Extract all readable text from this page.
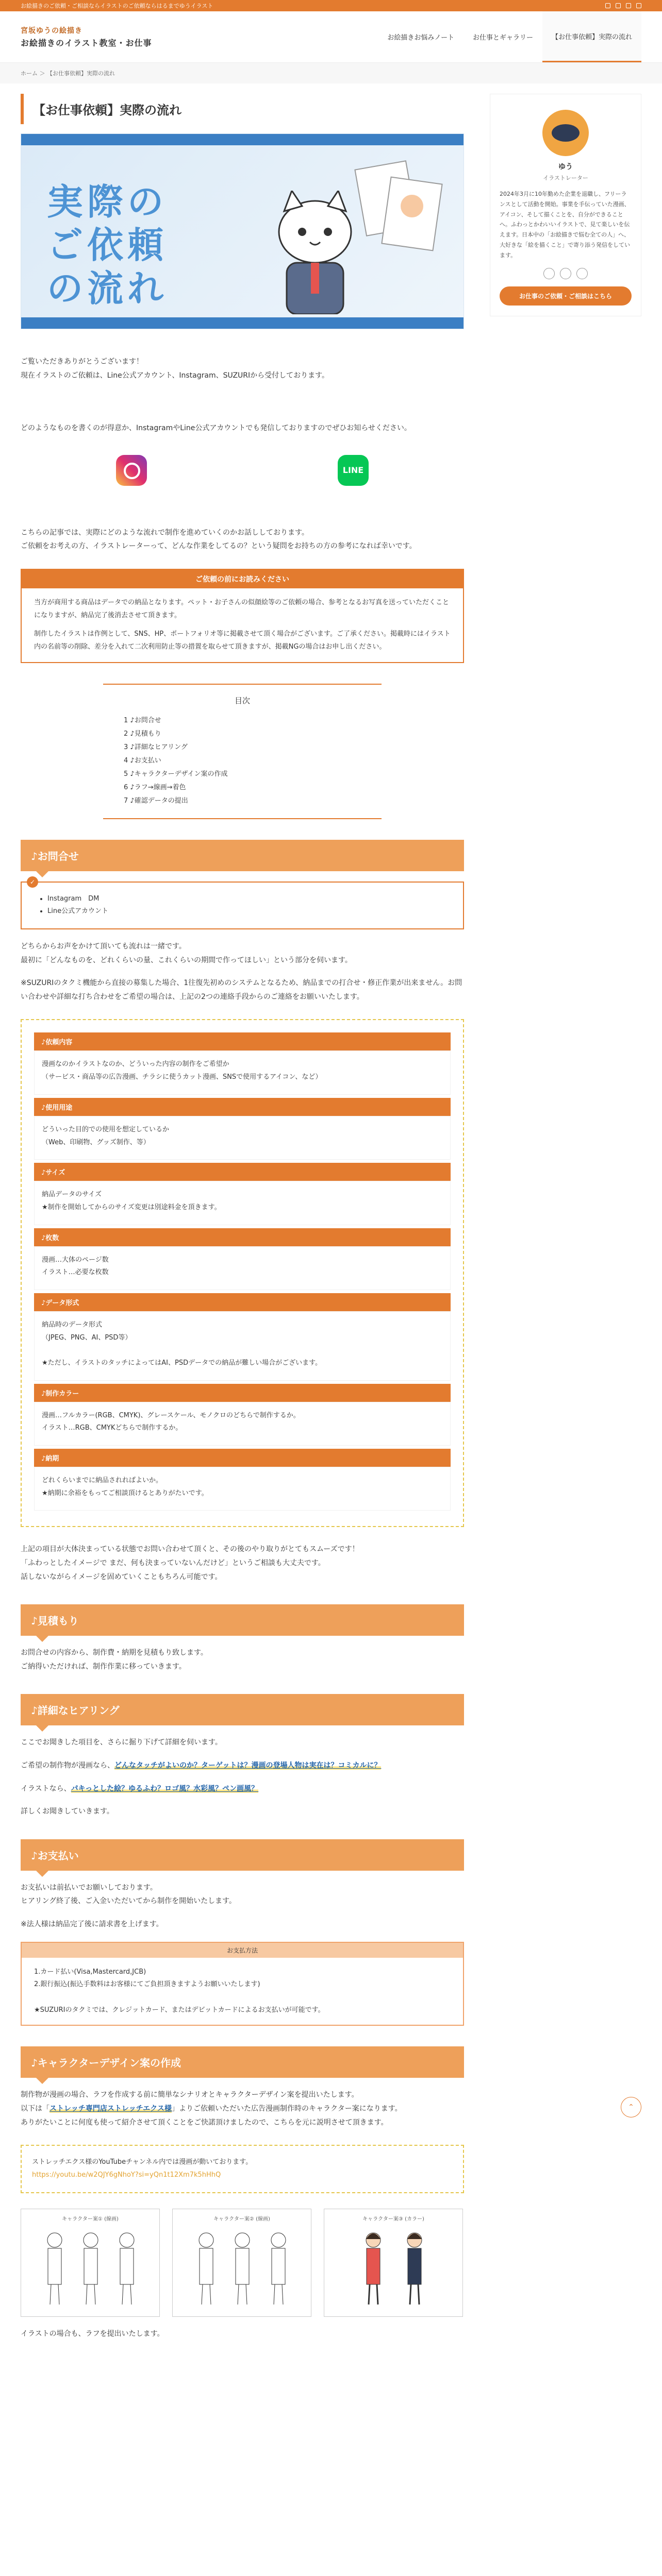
お絵描きのご依頼・ご相談ならイラストのご依頼ならはるまでゆうイラスト
宮坂ゆうの絵描き
お絵描きのイラスト教室・お仕事
お絵描きお悩みノート	お仕事とギャラリー	【お仕事依頼】実際の流れ
ホーム ＞ 【お仕事依頼】実際の流れ
【お仕事依頼】実際の流れ
実際の
ご依頼
の流れ

ご覧いただきありがとうございます！
現在イラストのご依頼は、Line公式アカウント、Instagram、SUZURIから受付しております。

どのようなものを書くのが得意か、InstagramやLine公式アカウントでも発信しておりますのでぜひお知らせください。

LINE

こちらの記事では、実際にどのような流れで制作を進めていくのかお話ししております。
ご依頼をお考えの方、イラストレーターって、どんな作業をしてるの？という疑問をお持ちの方の参考になれば幸いです。

ご依頼の前にお読みください

当方が商用する商品はデータでの納品となります。ペット・お子さんの似顔絵等のご依頼の場合、参考となるお写真を送っていただくことになりますが、納品完了後消去させて頂きます。

制作したイラストは作例として、SNS、HP、ポートフォリオ等に掲載させて頂く場合がございます。ご了承ください。掲載時にはイラスト内の名前等の削除、差分を入れて二次利用防止等の措置を取らせて頂きますが、掲載NGの場合はお申し出ください。

目次
1 ♪お問合せ
2 ♪見積もり
3 ♪詳細なヒアリング
4 ♪お支払い
5 ♪キャラクターデザイン案の作成
6 ♪ラフ→線画→着色
7 ♪確認データの提出
♪お問合せ
✓
• Instagram　DM
• Line公式アカウント

どちらからお声をかけて頂いても流れは一緒です。
最初に「どんなものを、どれくらいの量、これくらいの期間で作ってほしい」という部分を伺います。

※SUZURIのタクミ機能から直接の募集した場合、1往復先初めのシステムとなるため、納品までの打合せ・修正作業が出来ません。お問い合わせや詳細な打ち合わせをご希望の場合は、上記の2つの連絡手段からのご連絡をお願いいたします。

♪依頼内容
漫画なのかイラストなのか、どういった内容の制作をご希望か
（サービス・商品等の広告漫画、チラシに使うカット漫画、SNSで使用するアイコン、など）
♪使用用途
どういった目的での使用を想定しているか
（Web、印刷物、グッズ制作、等）
♪サイズ
納品データのサイズ
★制作を開始してからのサイズ変更は別途料金を頂きます。
♪枚数
漫画…大体のページ数
イラスト…必要な枚数
♪データ形式
納品時のデータ形式
（JPEG、PNG、AI、PSD等）

★ただし、イラストのタッチによってはAI、PSDデータでの納品が難しい場合がございます。
♪制作カラー
漫画…フルカラー(RGB、CMYK)、グレースケール、モノクロのどちらで制作するか。
イラスト…RGB、CMYKどちらで制作するか。
♪納期
どれくらいまでに納品されればよいか。
★納期に余裕をもってご相談頂けるとありがたいです。

上記の項目が大体決まっている状態でお問い合わせて頂くと、その後のやり取りがとてもスムーズです！
「ふわっとしたイメージで まだ、何も決まっていないんだけど」というご相談も大丈夫です。
話しないながらイメージを固めていくこともちろん可能です。

♪見積もり

お問合せの内容から、制作費・納期を見積もり致します。
ご納得いただければ、制作作業に移っていきます。

♪詳細なヒアリング

ここでお聞きした項目を、さらに掘り下げて詳細を伺います。

ご希望の制作物が漫画なら、どんなタッチがよいのか？ターゲットは？漫画の登場人物は実在は？コミカルに？

イラストなら、パキっとした絵？ゆるふわ？ロゴ風？水彩風？ペン画風？

詳しくお聞きしていきます。

♪お支払い

お支払いは前払いでお願いしております。
ヒアリング終了後、ご入金いただいてから制作を開始いたします。

※法人様は納品完了後に請求書を上げます。

お支払方法
1.カード払い(Visa,Mastercard,JCB)
2.銀行振込(振込手数料はお客様にてご負担頂きますようお願いいたします)

★SUZURIのタクミでは、クレジットカード、またはデビットカードによるお支払いが可能です。
♪キャラクターデザイン案の作成

制作物が漫画の場合、ラフを作成する前に簡単なシナリオとキャラクターデザイン案を提出いたします。
以下は「ストレッチ専門店ストレッチエクス様」よりご依頼いただいた広告漫画制作時のキャラクター案になります。
ありがたいことに何度も使って紹介させて頂くことをご快諾頂けましたので、こちらを元に説明させて頂きます。

ストレッチエクス様のYouTubeチャンネル内では漫画が動いております。

https://youtu.be/w2QJY6gNhoY?si=yQn1t12Xm7k5hHhQ

キャラクター案① (線画)	キャラクター案② (線画)	キャラクター案③ (カラー)

イラストの場合も、ラフを提出いたします。

ゆう
イラストレーター
2024年3月に10年勤めた企業を退職し、フリーランスとして活動を開始。事業を手伝っていた漫画、アイコン、そして描くことを、自分ができることへ。ふわっとかわいいイラストで、見て楽しいを伝えます。日本中の「お絵描きで悩む全ての人」へ、大好きな「絵を描くこと」で寄り添う発信をしています。
お仕事のご依頼・ご相談はこちら
⌃
